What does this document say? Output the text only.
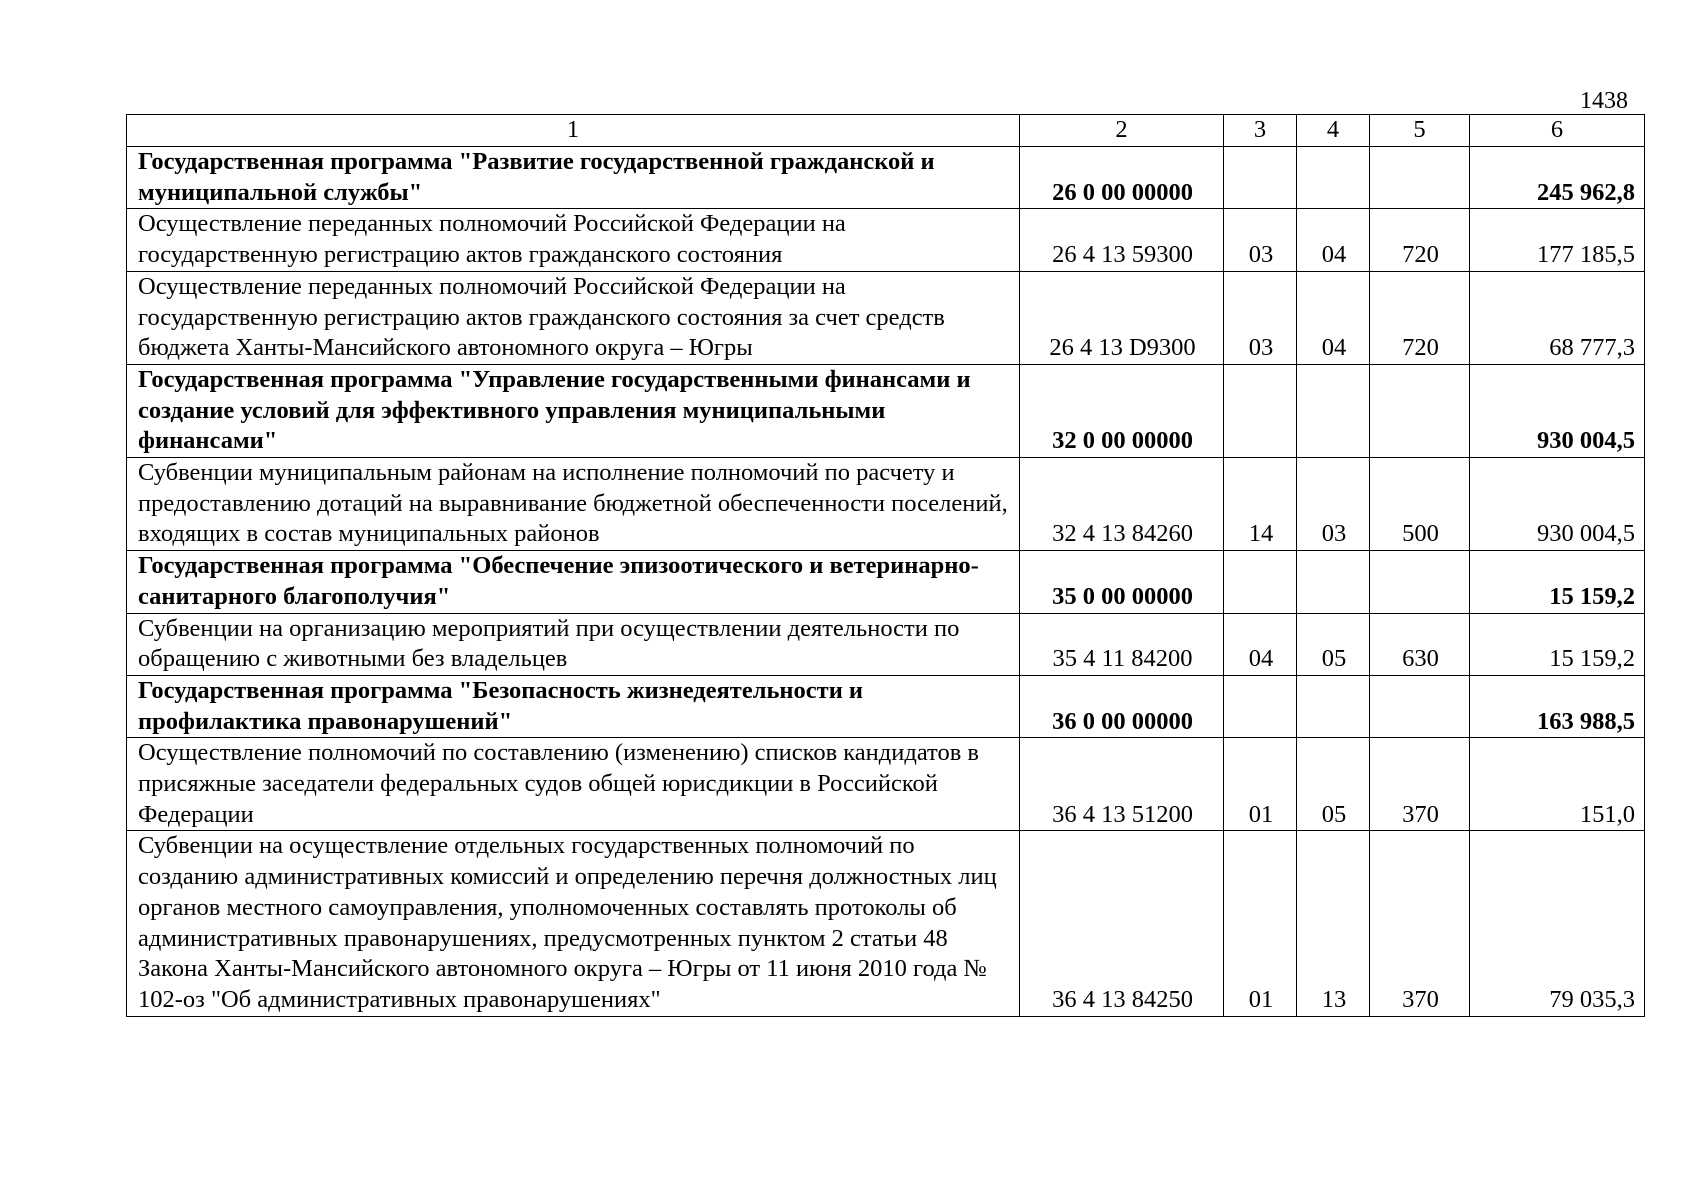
1438
1	2	3	4	5	6
Государственная программа "Развитие государственной гражданской и муниципальной службы"	26 0 00 00000				245 962,8
Осуществление переданных полномочий Российской Федерации на государственную регистрацию актов гражданского состояния	26 4 13 59300	03	04	720	177 185,5
Осуществление переданных полномочий Российской Федерации на государственную регистрацию актов гражданского состояния за счет средств бюджета Ханты-Мансийского автономного округа – Югры	26 4 13 D9300	03	04	720	68 777,3
Государственная программа "Управление государственными финансами и создание условий для эффективного управления муниципальными финансами"	32 0 00 00000				930 004,5
Субвенции муниципальным районам на исполнение полномочий по расчету и предоставлению дотаций на выравнивание бюджетной обеспеченности поселений, входящих в состав муниципальных районов	32 4 13 84260	14	03	500	930 004,5
Государственная программа "Обеспечение эпизоотического и ветеринарно-санитарного благополучия"	35 0 00 00000				15 159,2
Субвенции на организацию мероприятий при осуществлении деятельности по обращению с животными без владельцев	35 4 11 84200	04	05	630	15 159,2
Государственная программа "Безопасность жизнедеятельности и профилактика правонарушений"	36 0 00 00000				163 988,5
Осуществление полномочий по составлению (изменению) списков кандидатов в присяжные заседатели федеральных судов общей юрисдикции в Российской Федерации	36 4 13 51200	01	05	370	151,0
Субвенции на осуществление отдельных государственных полномочий по созданию административных комиссий и определению перечня должностных лиц органов местного самоуправления, уполномоченных составлять протоколы об административных правонарушениях, предусмотренных пунктом 2 статьи 48 Закона Ханты-Мансийского автономного округа – Югры от 11 июня 2010 года № 102-оз "Об административных правонарушениях"	36 4 13 84250	01	13	370	79 035,3
